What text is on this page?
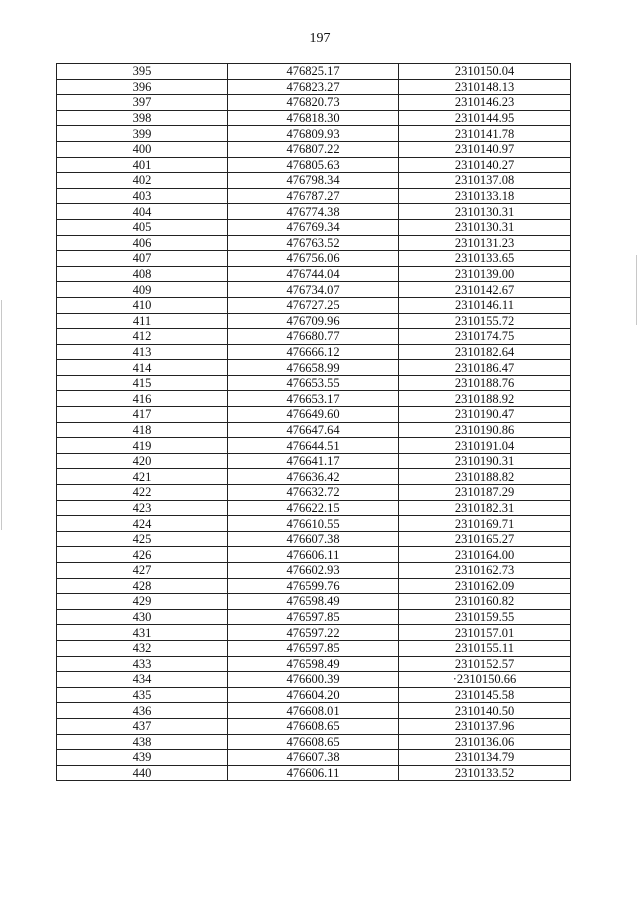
197
395	476825.17	2310150.04
396	476823.27	2310148.13
397	476820.73	2310146.23
398	476818.30	2310144.95
399	476809.93	2310141.78
400	476807.22	2310140.97
401	476805.63	2310140.27
402	476798.34	2310137.08
403	476787.27	2310133.18
404	476774.38	2310130.31
405	476769.34	2310130.31
406	476763.52	2310131.23
407	476756.06	2310133.65
408	476744.04	2310139.00
409	476734.07	2310142.67
410	476727.25	2310146.11
411	476709.96	2310155.72
412	476680.77	2310174.75
413	476666.12	2310182.64
414	476658.99	2310186.47
415	476653.55	2310188.76
416	476653.17	2310188.92
417	476649.60	2310190.47
418	476647.64	2310190.86
419	476644.51	2310191.04
420	476641.17	2310190.31
421	476636.42	2310188.82
422	476632.72	2310187.29
423	476622.15	2310182.31
424	476610.55	2310169.71
425	476607.38	2310165.27
426	476606.11	2310164.00
427	476602.93	2310162.73
428	476599.76	2310162.09
429	476598.49	2310160.82
430	476597.85	2310159.55
431	476597.22	2310157.01
432	476597.85	2310155.11
433	476598.49	2310152.57
434	476600.39	·2310150.66
435	476604.20	2310145.58
436	476608.01	2310140.50
437	476608.65	2310137.96
438	476608.65	2310136.06
439	476607.38	2310134.79
440	476606.11	2310133.52
